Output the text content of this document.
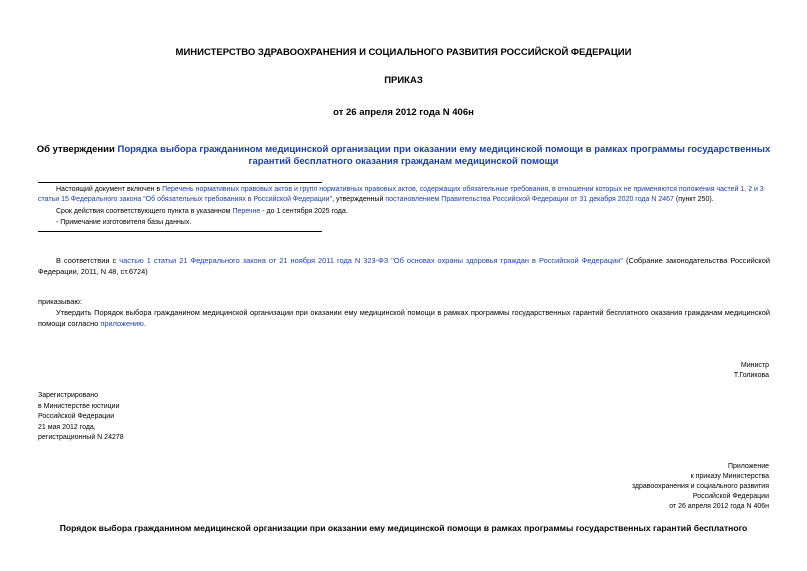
МИНИСТЕРСТВО ЗДРАВООХРАНЕНИЯ И СОЦИАЛЬНОГО РАЗВИТИЯ РОССИЙСКОЙ ФЕДЕРАЦИИ
ПРИКАЗ
от 26 апреля 2012 года N 406н
Об утверждении Порядка выбора гражданином медицинской организации при оказании ему медицинской помощи в рамках программы государственных гарантий бесплатного оказания гражданам медицинской помощи
Настоящий документ включен в Перечень нормативных правовых актов и групп нормативных правовых актов, содержащих обязательные требования, в отношении которых не применяются положения частей 1, 2 и 3 статьи 15 Федерального закона "Об обязательных требованиях в Российской Федерации", утвержденный постановлением Правительства Российской Федерации от 31 декабря 2020 года N 2467 (пункт 250).
Срок действия соответствующего пункта в указанном Перечне - до 1 сентября 2025 года.
- Примечание изготовителя базы данных.
В соответствии с частью 1 статьи 21 Федерального закона от 21 ноября 2011 года N 323-ФЗ "Об основах охраны здоровья граждан в Российской Федерации" (Собрание законодательства Российской Федерации, 2011, N 48, ст.6724)
приказываю:
Утвердить Порядок выбора гражданином медицинской организации при оказании ему медицинской помощи в рамках программы государственных гарантий бесплатного оказания гражданам медицинской помощи согласно приложению.
Министр
Т.Голикова
Зарегистрировано
в Министерстве юстиции
Российской Федерации
21 мая 2012 года,
регистрационный N 24278
Приложение
к приказу Министерства
здравоохранения и социального развития
Российской Федерации
от 26 апреля 2012 года N 406н
Порядок выбора гражданином медицинской организации при оказании ему медицинской помощи в рамках программы государственных гарантий бесплатного
